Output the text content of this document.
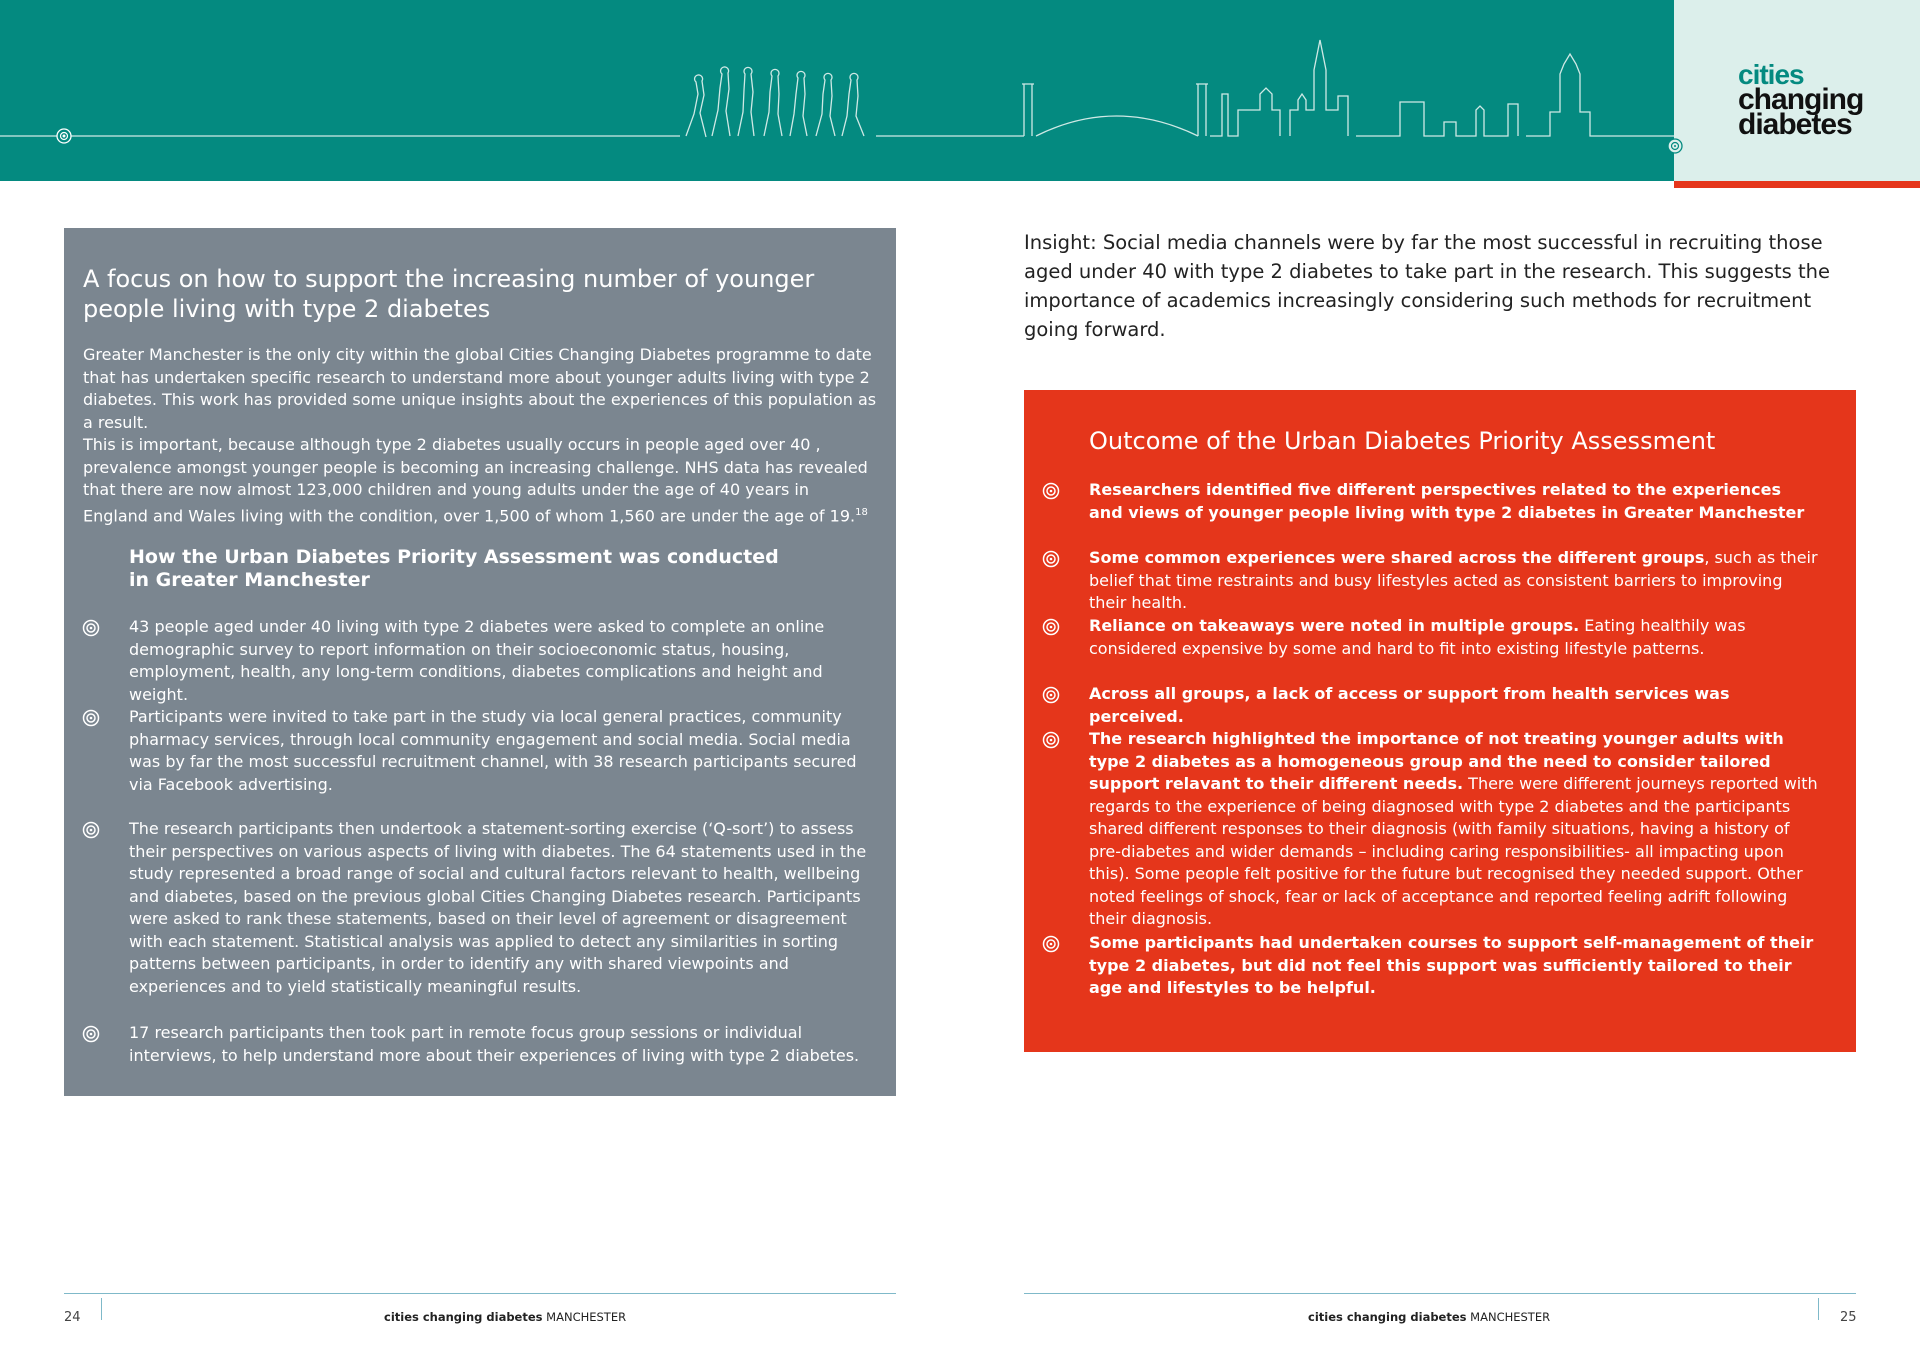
cities
changing
diabetes
A focus on how to support the increasing number of younger people living with type 2 diabetes

Greater Manchester is the only city within the global Cities Changing Diabetes programme to date that has undertaken specific research to understand more about younger adults living with type 2 diabetes. This work has provided some unique insights about the experiences of this population as a result.

This is important, because although type 2 diabetes usually occurs in people aged over 40 , prevalence amongst younger people is becoming an increasing challenge. NHS data has revealed that there are now almost 123,000 children and young adults under the age of 40 years in England and Wales living with the condition, over 1,500 of whom 1,560 are under the age of 19.18

How the Urban Diabetes Priority Assessment was conducted in Greater Manchester

43 people aged under 40 living with type 2 diabetes were asked to complete an online demographic survey to report information on their socioeconomic status, housing, employment, health, any long-term conditions, diabetes complications and height and weight.

Participants were invited to take part in the study via local general practices, community pharmacy services, through local community engagement and social media. Social media was by far the most successful recruitment channel, with 38 research participants secured via Facebook advertising.

The research participants then undertook a statement-sorting exercise (‘Q-sort’) to assess their perspectives on various aspects of living with diabetes. The 64 statements used in the study represented a broad range of social and cultural factors relevant to health, wellbeing and diabetes, based on the previous global Cities Changing Diabetes research. Participants were asked to rank these statements, based on their level of agreement or disagreement with each statement. Statistical analysis was applied to detect any similarities in sorting patterns between participants, in order to identify any with shared viewpoints and experiences and to yield statistically meaningful results.

17 research participants then took part in remote focus group sessions or individual interviews, to help understand more about their experiences of living with type 2 diabetes.

Insight: Social media channels were by far the most successful in recruiting those aged under 40 with type 2 diabetes to take part in the research. This suggests the importance of academics increasingly considering such methods for recruitment going forward.

Outcome of the Urban Diabetes Priority Assessment

Researchers identified five different perspectives related to the experiences and views of younger people living with type 2 diabetes in Greater Manchester

Some common experiences were shared across the different groups, such as their belief that time restraints and busy lifestyles acted as consistent barriers to improving their health.

Reliance on takeaways were noted in multiple groups. Eating healthily was considered expensive by some and hard to fit into existing lifestyle patterns.

Across all groups, a lack of access or support from health services was perceived.

The research highlighted the importance of not treating younger adults with type 2 diabetes as a homogeneous group and the need to consider tailored support relavant to their different needs. There were different journeys reported with regards to the experience of being diagnosed with type 2 diabetes and the participants shared different responses to their diagnosis (with family situations, having a history of pre-diabetes and wider demands – including caring responsibilities- all impacting upon this). Some people felt positive for the future but recognised they needed support. Other noted feelings of shock, fear or lack of acceptance and reported feeling adrift following their diagnosis.

Some participants had undertaken courses to support self-management of their type 2 diabetes, but did not feel this support was sufficiently tailored to their age and lifestyles to be helpful.

24	cities changing diabetes MANCHESTER	25
cities changing diabetes MANCHESTER
